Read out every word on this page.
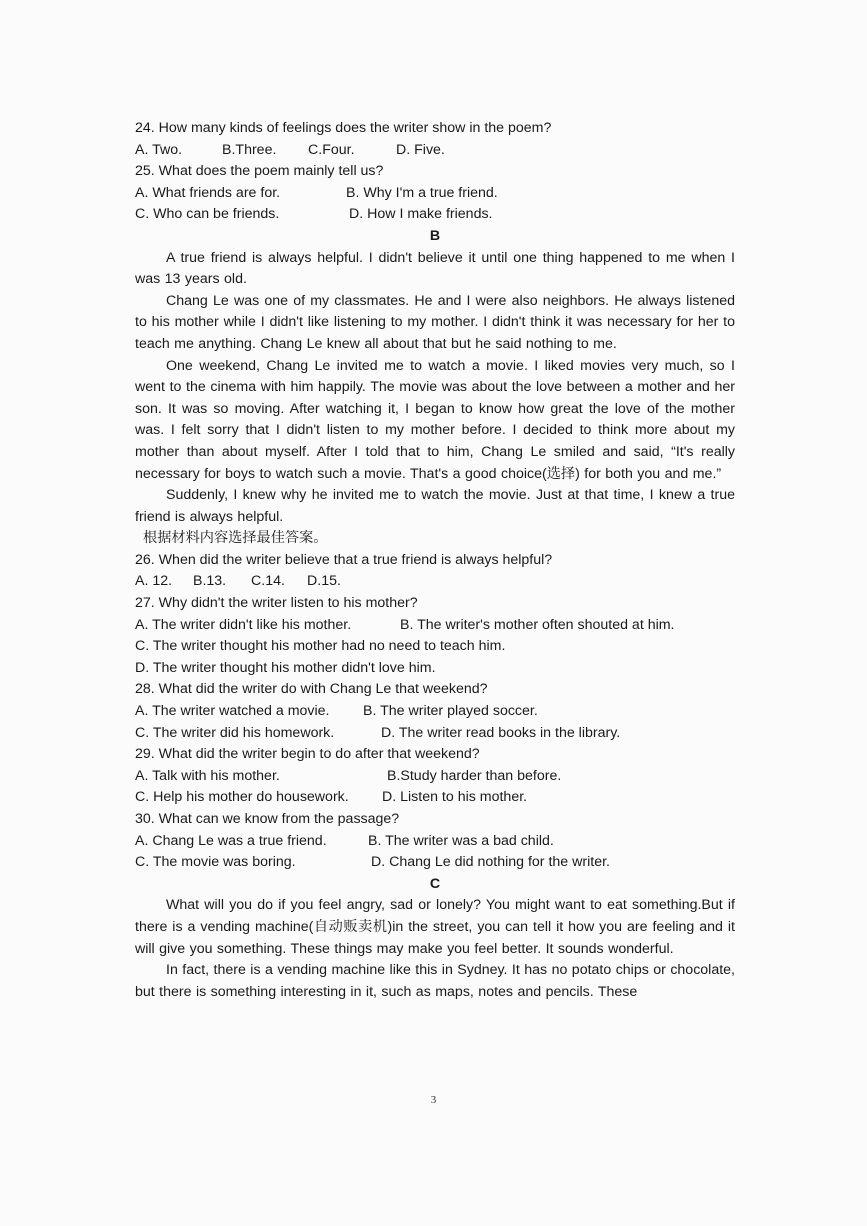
24. How many kinds of feelings does the writer show in the poem?
A. Two.	B.Three.	C.Four.	D. Five.
25. What does the poem mainly tell us?
A. What friends are for.	B. Why I'm a true friend.
C. Who can be friends.	D. How I make friends.
B

A true friend is always helpful. I didn't believe it until one thing happened to me when I was 13 years old.

Chang Le was one of my classmates. He and I were also neighbors. He always listened to his mother while I didn't like listening to my mother. I didn't think it was necessary for her to teach me anything. Chang Le knew all about that but he said nothing to me.

One weekend, Chang Le invited me to watch a movie. I liked movies very much, so I went to the cinema with him happily. The movie was about the love between a mother and her son. It was so moving. After watching it, I began to know how great the love of the mother was. I felt sorry that I didn't listen to my mother before. I decided to think more about my mother than about myself. After I told that to him, Chang Le smiled and said, “It's really necessary for boys to watch such a movie. That's a good choice(选择) for both you and me.”

Suddenly, I knew why he invited me to watch the movie. Just at that time, I knew a true friend is always helpful.

根据材料内容选择最佳答案。
26. When did the writer believe that a true friend is always helpful?
A. 12.	B.13.	C.14.	D.15.
27. Why didn't the writer listen to his mother?
A. The writer didn't like his mother.	B. The writer's mother often shouted at him.
C. The writer thought his mother had no need to teach him.
D. The writer thought his mother didn't love him.
28. What did the writer do with Chang Le that weekend?
A. The writer watched a movie.	B. The writer played soccer.
C. The writer did his homework.	D. The writer read books in the library.
29. What did the writer begin to do after that weekend?
A. Talk with his mother.	B.Study harder than before.
C. Help his mother do housework.	D. Listen to his mother.
30. What can we know from the passage?
A. Chang Le was a true friend.	B. The writer was a bad child.
C. The movie was boring.	D. Chang Le did nothing for the writer.
C

What will you do if you feel angry, sad or lonely? You might want to eat something.But if there is a vending machine(自动贩卖机)in the street, you can tell it how you are feeling and it will give you something. These things may make you feel better. It sounds wonderful.

In fact, there is a vending machine like this in Sydney. It has no potato chips or chocolate, but there is something interesting in it, such as maps, notes and pencils. These

3
